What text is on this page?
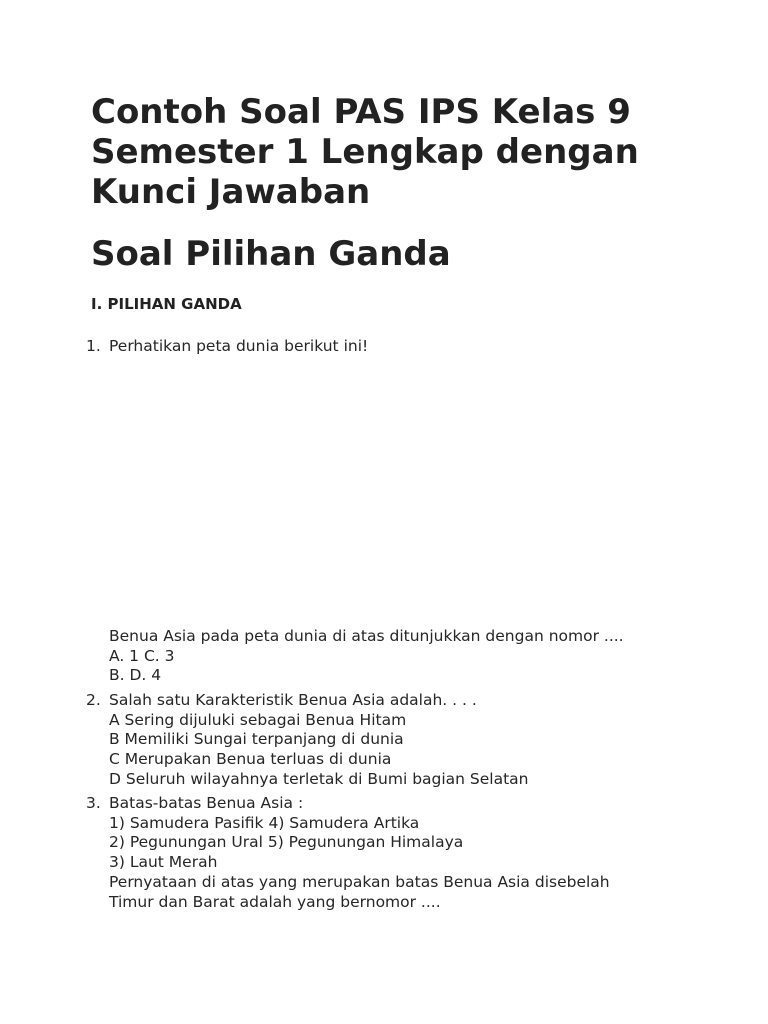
Contoh Soal PAS IPS Kelas 9 Semester 1 Lengkap dengan Kunci Jawaban
Soal Pilihan Ganda
I. PILIHAN GANDA
1. Perhatikan peta dunia berikut ini!
Benua Asia pada peta dunia di atas ditunjukkan dengan nomor ....
A. 1 C. 3
B. D. 4
2. Salah satu Karakteristik Benua Asia adalah. . . .
A Sering dijuluki sebagai Benua Hitam
B Memiliki Sungai terpanjang di dunia
C Merupakan Benua terluas di dunia
D Seluruh wilayahnya terletak di Bumi bagian Selatan
3. Batas-batas Benua Asia :
1) Samudera Pasifik 4) Samudera Artika
2) Pegunungan Ural 5) Pegunungan Himalaya
3) Laut Merah
Pernyataan di atas yang merupakan batas Benua Asia disebelah
Timur dan Barat adalah yang bernomor ....
